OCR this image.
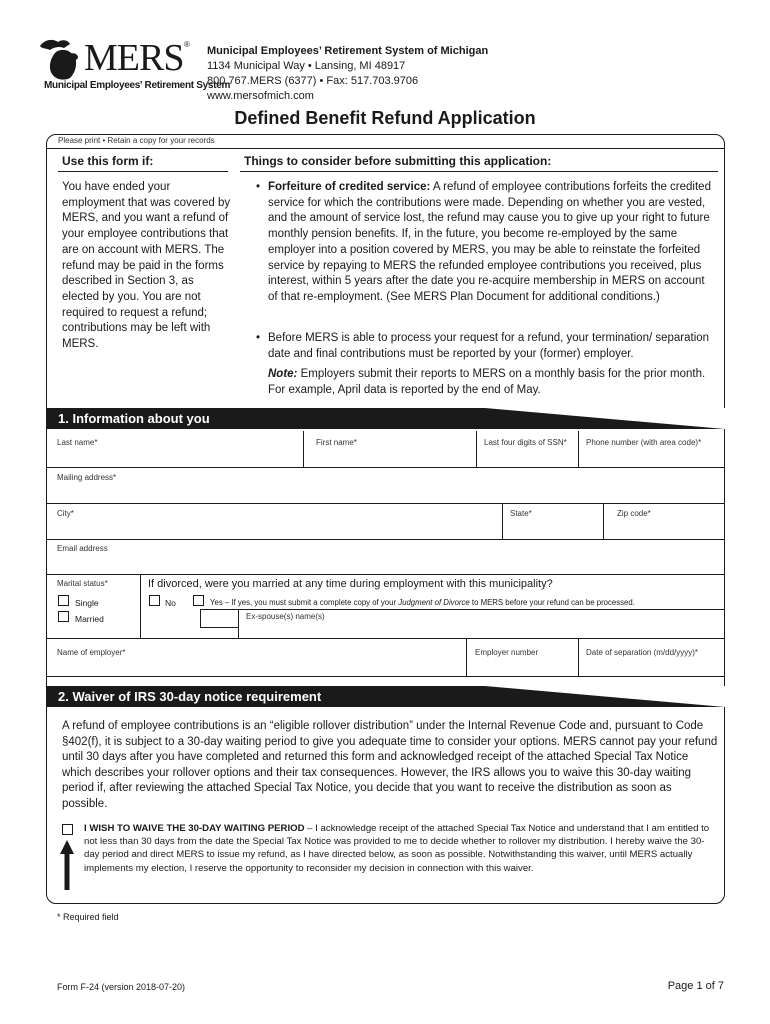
MERS ®
Municipal Employees' Retirement System
Municipal Employees’ Retirement System of Michigan
1134 Municipal Way • Lansing, MI 48917
800.767.MERS (6377) • Fax: 517.703.9706
www.mersofmich.com
Defined Benefit Refund Application
Please print • Retain a copy for your records
Use this form if:	Things to consider before submitting this application:
You have ended your employment that was covered by MERS, and you want a refund of your employee contributions that are on account with MERS. The refund may be paid in the forms described in Section 3, as elected by you. You are not required to request a refund; contributions may be left with MERS.
• Forfeiture of credited service: A refund of employee contributions forfeits the credited service for which the contributions were made. Depending on whether you are vested, and the amount of service lost, the refund may cause you to give up your right to future monthly pension benefits. If, in the future, you become re-employed by the same employer into a position covered by MERS, you may be able to reinstate the forfeited service by repaying to MERS the refunded employee contributions you received, plus interest, within 5 years after the date you re-acquire membership in MERS on account of that re-employment. (See MERS Plan Document for additional conditions.)
• Before MERS is able to process your request for a refund, your termination/ separation date and final contributions must be reported by your (former) employer.
Note: Employers submit their reports to MERS on a monthly basis for the prior month. For example, April data is reported by the end of May.
1. Information about you
Last name*	First name*	Last four digits of SSN* Phone number (with area code)*
Mailing address*
City*	State*	Zip code*
Email address
Marital status*
Single
Married
If divorced, were you married at any time during employment with this municipality?
No	Yes – If yes, you must submit a complete copy of your Judgment of Divorce to MERS before your refund can be processed.
Ex-spouse(s) name(s)
Name of employer*	Employer number	Date of separation (m/dd/yyyy)*
2. Waiver of IRS 30-day notice requirement
A refund of employee contributions is an “eligible rollover distribution” under the Internal Revenue Code and, pursuant to Code §402(f), it is subject to a 30-day waiting period to give you adequate time to consider your options. MERS cannot pay your refund until 30 days after you have completed and returned this form and acknowledged receipt of the attached Special Tax Notice which describes your rollover options and their tax consequences. However, the IRS allows you to waive this 30-day waiting period if, after reviewing the attached Special Tax Notice, you decide that you want to receive the distribution as soon as possible.
I WISH TO WAIVE THE 30-DAY WAITING PERIOD – I acknowledge receipt of the attached Special Tax Notice and understand that I am entitled to not less than 30 days from the date the Special Tax Notice was provided to me to decide whether to rollover my distribution. I hereby waive the 30-day period and direct MERS to issue my refund, as I have directed below, as soon as possible. Notwithstanding this waiver, until MERS actually implements my election, I reserve the opportunity to reconsider my decision in connection with this waiver.
* Required field
Form F-24 (version 2018-07-20)	Page 1 of 7
